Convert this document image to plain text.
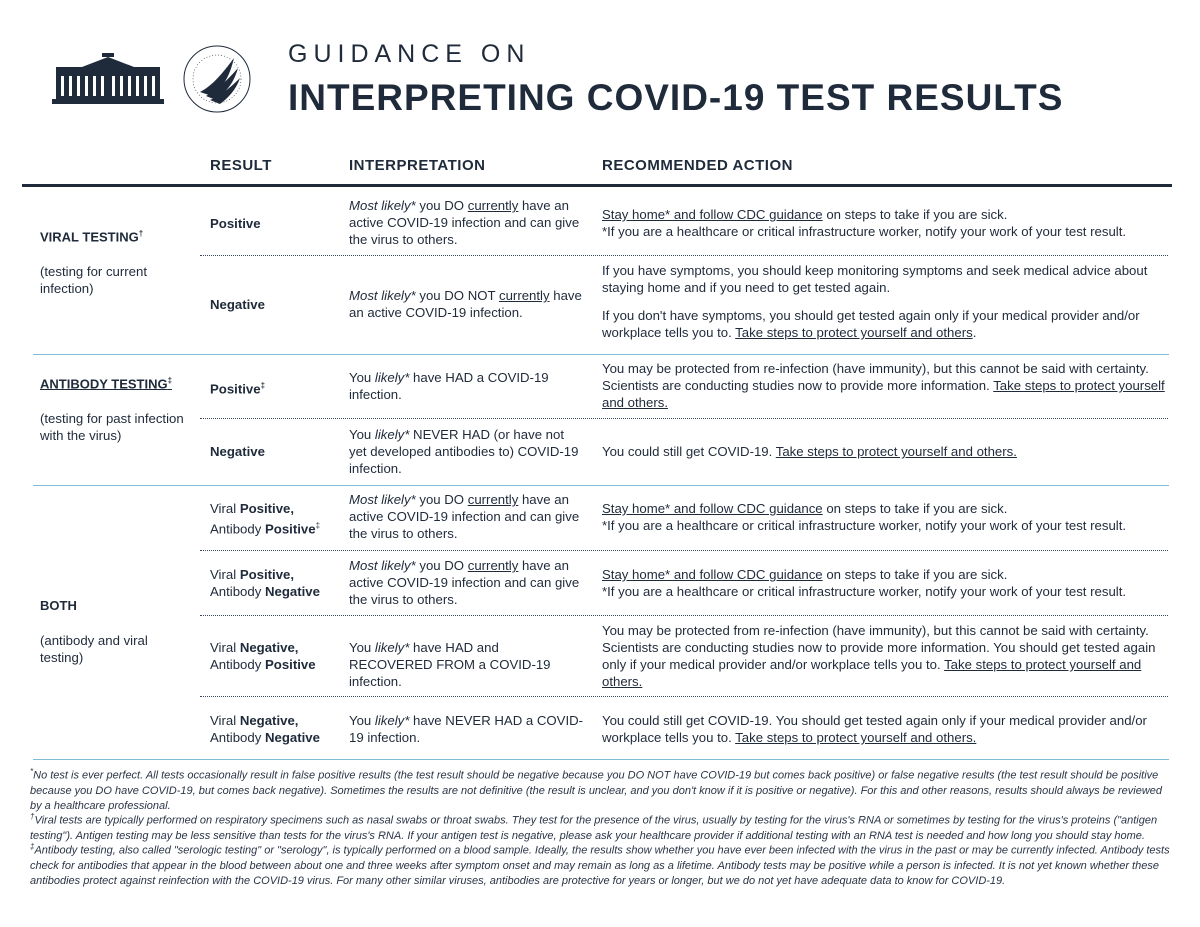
GUIDANCE ON
INTERPRETING COVID-19 TEST RESULTS
RESULT	INTERPRETATION	RECOMMENDED ACTION
VIRAL TESTING†
(testing for current infection)
ANTIBODY TESTING‡
(testing for past infection with the virus)
BOTH
(antibody and viral testing)
Positive
Most likely* you DO currently have an active COVID-19 infection and can give the virus to others.
Stay home* and follow CDC guidance on steps to take if you are sick.
*If you are a healthcare or critical infrastructure worker, notify your work of your test result.
Negative
Most likely* you DO NOT currently have an active COVID-19 infection.
If you have symptoms, you should keep monitoring symptoms and seek medical advice about staying home and if you need to get tested again.
If you don't have symptoms, you should get tested again only if your medical provider and/or workplace tells you to. Take steps to protect yourself and others.
Positive‡
You likely* have HAD a COVID-19 infection.
You may be protected from re-infection (have immunity), but this cannot be said with certainty. Scientists are conducting studies now to provide more information. Take steps to protect yourself and others.
Negative
You likely* NEVER HAD (or have not yet developed antibodies to) COVID-19 infection.
You could still get COVID-19. Take steps to protect yourself and others.
Viral Positive,
Antibody Positive‡
Most likely* you DO currently have an active COVID-19 infection and can give the virus to others.
Stay home* and follow CDC guidance on steps to take if you are sick.
*If you are a healthcare or critical infrastructure worker, notify your work of your test result.
Viral Positive,
Antibody Negative
Most likely* you DO currently have an active COVID-19 infection and can give the virus to others.
Stay home* and follow CDC guidance on steps to take if you are sick.
*If you are a healthcare or critical infrastructure worker, notify your work of your test result.
Viral Negative,
Antibody Positive
You likely* have HAD and RECOVERED FROM a COVID-19 infection.
You may be protected from re-infection (have immunity), but this cannot be said with certainty. Scientists are conducting studies now to provide more information. You should get tested again only if your medical provider and/or workplace tells you to. Take steps to protect yourself and others.
Viral Negative,
Antibody Negative
You likely* have NEVER HAD a COVID-19 infection.
You could still get COVID-19. You should get tested again only if your medical provider and/or workplace tells you to. Take steps to protect yourself and others.
*No test is ever perfect. All tests occasionally result in false positive results (the test result should be negative because you DO NOT have COVID-19 but comes back positive) or false negative results (the test result should be positive because you DO have COVID-19, but comes back negative). Sometimes the results are not definitive (the result is unclear, and you don't know if it is positive or negative). For this and other reasons, results should always be reviewed by a healthcare professional.
†Viral tests are typically performed on respiratory specimens such as nasal swabs or throat swabs. They test for the presence of the virus, usually by testing for the virus's RNA or sometimes by testing for the virus's proteins ("antigen testing"). Antigen testing may be less sensitive than tests for the virus's RNA. If your antigen test is negative, please ask your healthcare provider if additional testing with an RNA test is needed and how long you should stay home.
‡Antibody testing, also called "serologic testing" or "serology", is typically performed on a blood sample. Ideally, the results show whether you have ever been infected with the virus in the past or may be currently infected. Antibody tests check for antibodies that appear in the blood between about one and three weeks after symptom onset and may remain as long as a lifetime. Antibody tests may be positive while a person is infected. It is not yet known whether these antibodies protect against reinfection with the COVID-19 virus. For many other similar viruses, antibodies are protective for years or longer, but we do not yet have adequate data to know for COVID-19.
